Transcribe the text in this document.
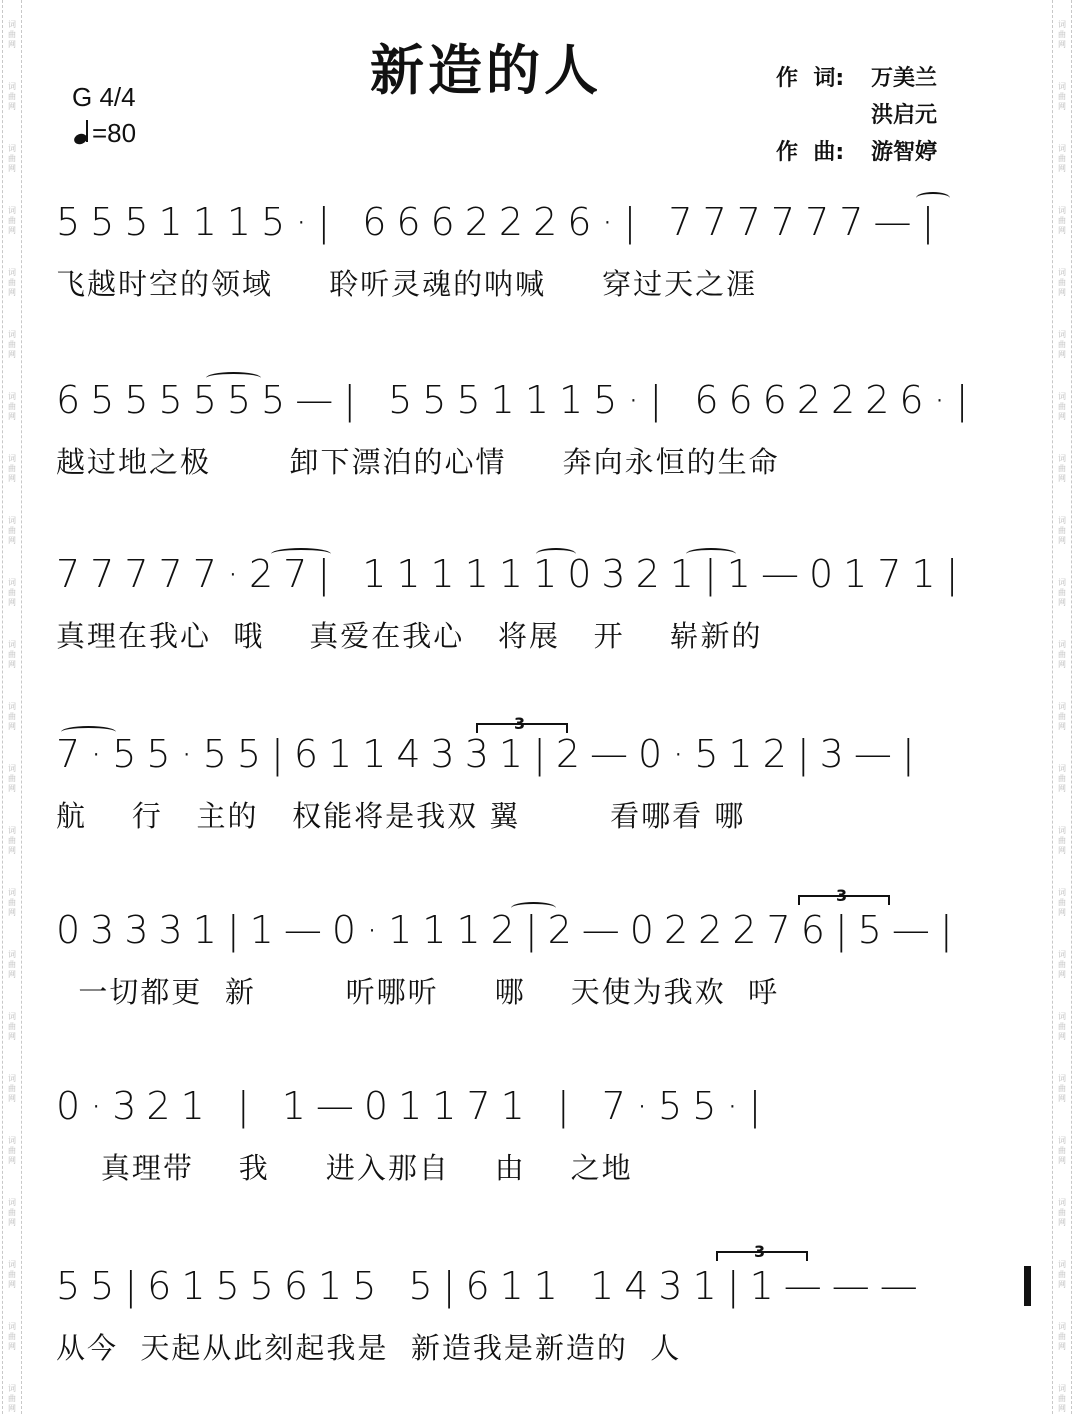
词
曲
网
词
曲
网
词
曲
网
词
曲
网
词
曲
网
词
曲
网
词
曲
网
词
曲
网
词
曲
网
词
曲
网
词
曲
网
词
曲
网
词
曲
网
词
曲
网
词
曲
网
词
曲
网
词
曲
网
词
曲
网
词
曲
网
词
曲
网
词
曲
网
词
曲
网
词
曲
网
词
曲
网
词
曲
网
词
曲
网
词
曲
网
词
曲
网
词
曲
网
词
曲
网
词
曲
网
词
曲
网
词
曲
网
词
曲
网
词
曲
网
词
曲
网
词
曲
网
词
曲
网
词
曲
网
词
曲
网
词
曲
网
词
曲
网
词
曲
网
词
曲
网
词
曲
网
词
曲
网
新造的人
G 4/4
=80
作  词:	万美兰
洪启元
作  曲:	游智婷
5551115·| 6662226·| 777777—|
飞越时空的领域     聆听灵魂的呐喊     穿过天之涯
6555555—| 5551115·| 6662226·|
越过地之极       卸下漂泊的心情     奔向永恒的生命
77777·27| 1111110321|1—0171|
真理在我心  哦    真爱在我心   将展   开    崭新的
7·55·55|6114331|2—0·512|3—|
3
航    行   主的   权能将是我双 翼        看哪看 哪
03331|1—0·1112|2—022276|5—|
3
一切都更  新        听哪听     哪    天使为我欢  呼
0·321 | 1—01171 | 7·55·|
真理带    我     进入那自    由    之地
55|6155615 5|611 1431|1———
3
从今  天起从此刻起我是  新造我是新造的  人
